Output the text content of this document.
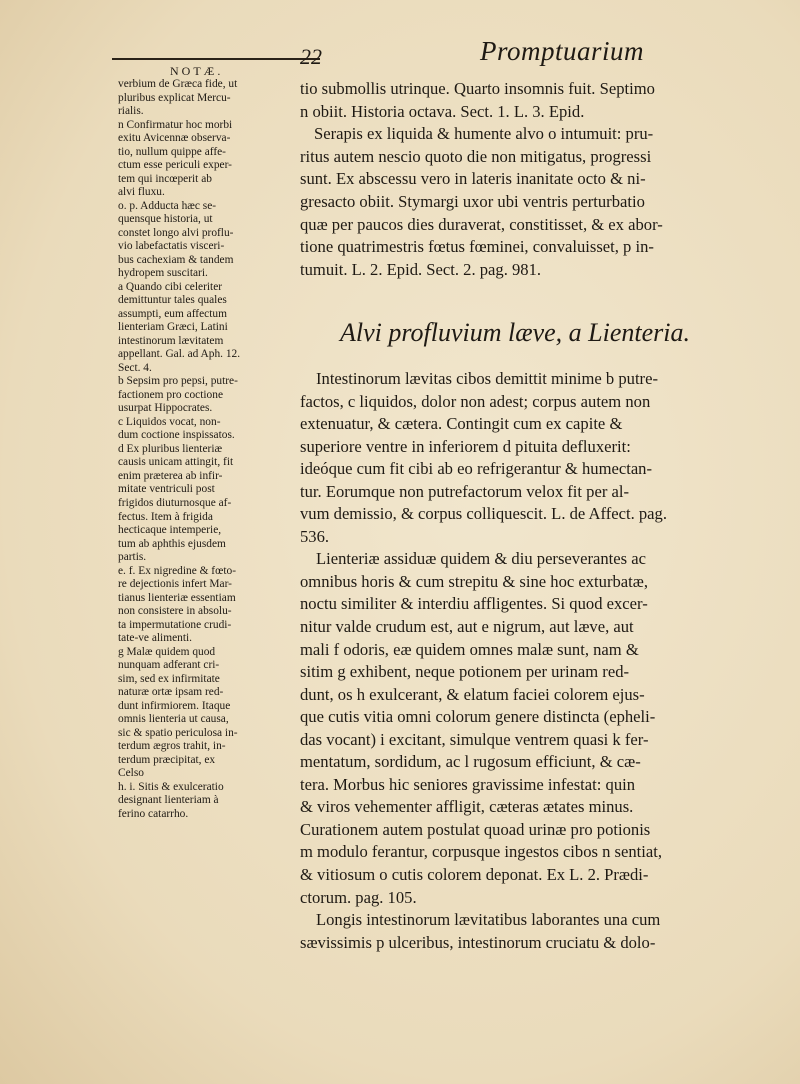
22	Promptuarium
NOTÆ.
verbium de Græca fide, ut
pluribus explicat Mercu-
rialis.
n Confirmatur hoc morbi
exitu Avicennæ observa-
tio, nullum quippe affe-
ctum esse periculi exper-
tem qui incœperit ab
alvi fluxu.
o. p. Adducta hæc se-
quensque historia, ut
constet longo alvi proflu-
vio labefactatis visceri-
bus cachexiam & tandem
hydropem suscitari.
a Quando cibi celeriter
demittuntur tales quales
assumpti, eum affectum
lienteriam Græci, Latini
intestinorum lævitatem
appellant. Gal. ad Aph. 12.
Sect. 4.
b Sepsim pro pepsi, putre-
factionem pro coctione
usurpat Hippocrates.
c Liquidos vocat, non-
dum coctione inspissatos.
d Ex pluribus lienteriæ
causis unicam attingit, fit
enim præterea ab infir-
mitate ventriculi post
frigidos diuturnosque af-
fectus. Item à frigida
hecticaque intemperie,
tum ab aphthis ejusdem
partis.
e. f. Ex nigredine & fœto-
re dejectionis infert Mar-
tianus lienteriæ essentiam
non consistere in absolu-
ta impermutatione crudi-
tate-ve alimenti.
g Malæ quidem quod
nunquam adferant cri-
sim, sed ex infirmitate
naturæ ortæ ipsam red-
dunt infirmiorem. Itaque
omnis lienteria ut causa,
sic & spatio periculosa in-
terdum ægros trahit, in-
terdum præcipitat, ex
Celso
h. i. Sitis & exulceratio
designant lienteriam à
ferino catarrho.
tio submollis utrinque. Quarto insomnis fuit. Septimo
n obiit. Historia octava. Sect. 1. L. 3. Epid.
Serapis ex liquida & humente alvo o intumuit: pru-
ritus autem nescio quoto die non mitigatus, progressi
sunt. Ex abscessu vero in lateris inanitate octo & ni-
gresacto obiit. Stymargi uxor ubi ventris perturbatio
quæ per paucos dies duraverat, constitisset, & ex abor-
tione quatrimestris fœtus fœminei, convaluisset, p in-
tumuit. L. 2. Epid. Sect. 2. pag. 981.
Alvi profluvium læve, a Lienteria.
Intestinorum lævitas cibos demittit minime b putre-
factos, c liquidos, dolor non adest; corpus autem non
extenuatur, & cætera. Contingit cum ex capite &
superiore ventre in inferiorem d pituita defluxerit:
ideóque cum fit cibi ab eo refrigerantur & humectan-
tur. Eorumque non putrefactorum velox fit per al-
vum demissio, & corpus colliquescit. L. de Affect. pag.
536.
Lienteriæ assiduæ quidem & diu perseverantes ac
omnibus horis & cum strepitu & sine hoc exturbatæ,
noctu similiter & interdiu affligentes. Si quod excer-
nitur valde crudum est, aut e nigrum, aut læve, aut
mali f odoris, eæ quidem omnes malæ sunt, nam &
sitim g exhibent, neque potionem per urinam red-
dunt, os h exulcerant, & elatum faciei colorem ejus-
que cutis vitia omni colorum genere distincta (epheli-
das vocant) i excitant, simulque ventrem quasi k fer-
mentatum, sordidum, ac l rugosum efficiunt, & cæ-
tera. Morbus hic seniores gravissime infestat: quin
& viros vehementer affligit, cæteras ætates minus.
Curationem autem postulat quoad urinæ pro potionis
m modulo ferantur, corpusque ingestos cibos n sentiat,
& vitiosum o cutis colorem deponat. Ex L. 2. Prædi-
ctorum. pag. 105.
Longis intestinorum lævitatibus laborantes una cum
sævissimis p ulceribus, intestinorum cruciatu & dolo-
